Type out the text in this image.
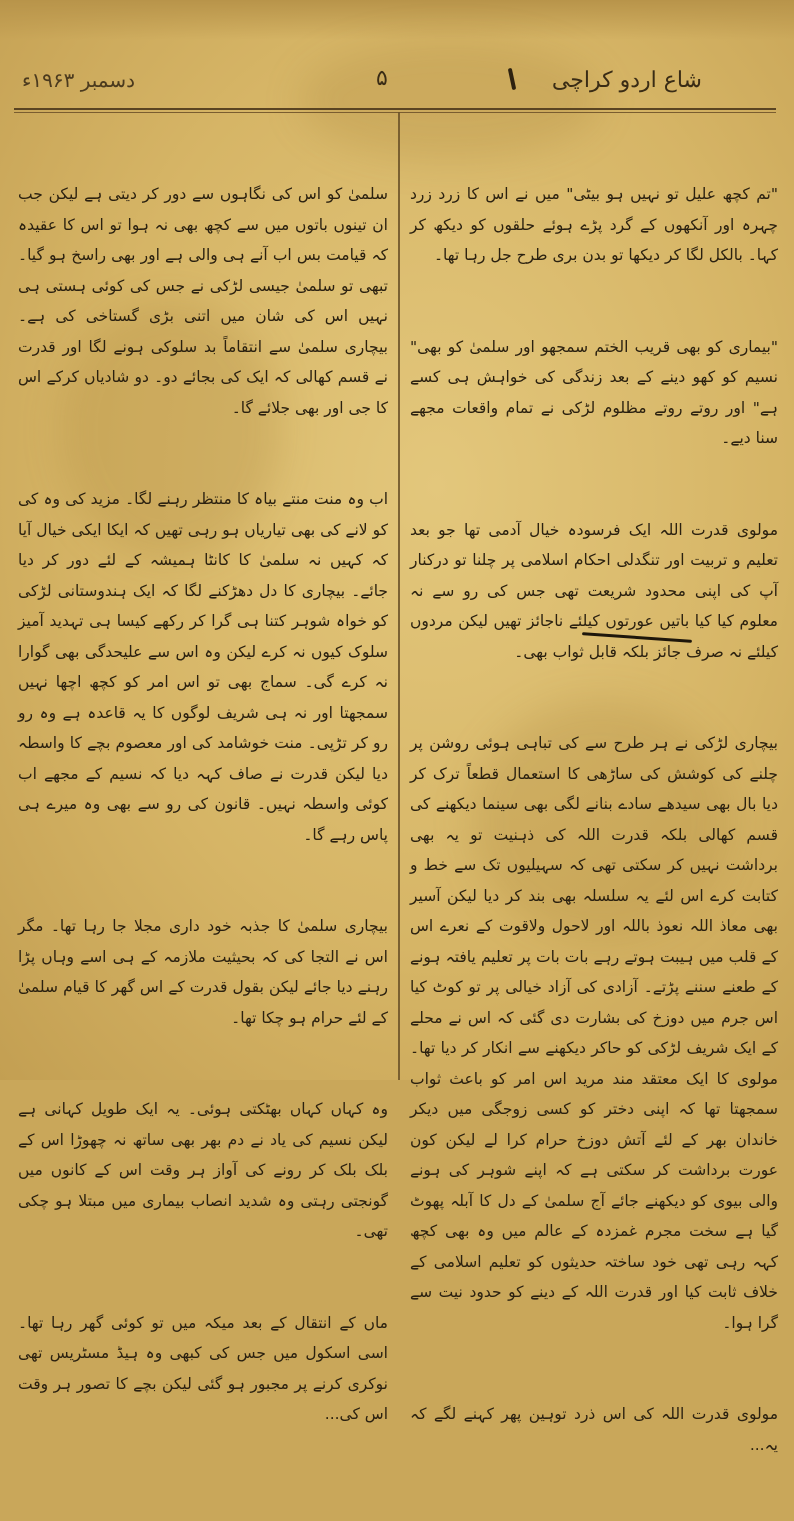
دسمبر ۱۹۶۳ء	۵	شاع اردو کراچی

"تم کچھ علیل تو نہیں ہو بیٹی" میں نے اس کا زرد زرد چہرہ اور آنکھوں کے گرد پڑے ہوئے حلقوں کو دیکھ کر کہا۔ بالکل لگا کر دیکھا تو بدن بری طرح جل رہا تھا۔

"بیماری کو بھی قریب الختم سمجھو اور سلمیٰ کو بھی" نسیم کو کھو دینے کے بعد زندگی کی خواہش ہی کسے ہے" اور روتے روتے مظلوم لڑکی نے تمام واقعات مجھے سنا دیے۔

مولوی قدرت اللہ ایک فرسودہ خیال آدمی تھا جو بعد تعلیم و تربیت اور تنگدلی احکام اسلامی پر چلنا تو درکنار آپ کی اپنی محدود شریعت تھی جس کی رو سے نہ معلوم کیا کیا باتیں عورتوں کیلئے ناجائز تھیں لیکن مردوں کیلئے نہ صرف جائز بلکہ قابل ثواب بھی۔

بیچاری لڑکی نے ہر طرح سے کی تباہی ہوئی روشن پر چلنے کی کوشش کی ساڑھی کا استعمال قطعاً ترک کر دیا بال بھی سیدھے سادے بنانے لگی بھی سینما دیکھنے کی قسم کھالی بلکہ قدرت اللہ کی ذہنیت تو یہ بھی برداشت نہیں کر سکتی تھی کہ سہیلیوں تک سے خط و کتابت کرے اس لئے یہ سلسلہ بھی بند کر دیا لیکن آسیر بھی معاذ اللہ نعوذ باللہ اور لاحول ولاقوت کے نعرے اس کے قلب میں ہیبت ہوتے رہے بات بات پر تعلیم یافتہ ہونے کے طعنے سننے پڑتے۔ آزادی کی آزاد خیالی پر تو کوٹ کیا اس جرم میں دوزخ کی بشارت دی گئی کہ اس نے محلے کے ایک شریف لڑکی کو حاکر دیکھنے سے انکار کر دیا تھا۔ مولوی کا ایک معتقد مند مرید اس امر کو باعث ثواب سمجھتا تھا کہ اپنی دختر کو کسی زوجگی میں دیکر خاندان بھر کے لئے آتش دوزخ حرام کرا لے لیکن کون عورت برداشت کر سکتی ہے کہ اپنے شوہر کی ہونے والی بیوی کو دیکھنے جائے آج سلمیٰ کے دل کا آبلہ پھوٹ گیا ہے سخت مجرم غمزدہ کے عالم میں وہ بھی کچھ کہہ رہی تھی خود ساختہ حدیثوں کو تعلیم اسلامی کے خلاف ثابت کیا اور قدرت اللہ کے دینے کو حدود نیت سے گرا ہوا۔

مولوی قدرت اللہ کی اس ذرد توہین پھر کہنے لگے کہ یہ...

سلمیٰ کو اس کی نگاہوں سے دور کر دیتی ہے لیکن جب ان تینوں باتوں میں سے کچھ بھی نہ ہوا تو اس کا عقیدہ کہ قیامت بس اب آنے ہی والی ہے اور بھی راسخ ہو گیا۔ تبھی تو سلمیٰ جیسی لڑکی نے جس کی کوئی ہستی ہی نہیں اس کی شان میں اتنی بڑی گستاخی کی ہے۔ بیچاری سلمیٰ سے انتقاماً بد سلوکی ہونے لگا اور قدرت نے قسم کھالی کہ ایک کی بجائے دو۔ دو شادیاں کرکے اس کا جی اور بھی جلائے گا۔

اب وہ منت منتے بیاہ کا منتظر رہنے لگا۔ مزید کی وہ کی کو لانے کی بھی تیاریاں ہو رہی تھیں کہ ایکا ایکی خیال آیا کہ کہیں نہ سلمیٰ کا کانٹا ہمیشہ کے لئے دور کر دیا جائے۔ بیچاری کا دل دھڑکنے لگا کہ ایک ہندوستانی لڑکی کو خواہ شوہر کتنا ہی گرا کر رکھے کیسا ہی تہدید آمیز سلوک کیوں نہ کرے لیکن وہ اس سے علیحدگی بھی گوارا نہ کرے گی۔ سماج بھی تو اس امر کو کچھ اچھا نہیں سمجھتا اور نہ ہی شریف لوگوں کا یہ قاعدہ ہے وہ رو رو کر تڑپی۔ منت خوشامد کی اور معصوم بچے کا واسطہ دیا لیکن قدرت نے صاف کہہ دیا کہ نسیم کے مجھے اب کوئی واسطہ نہیں۔ قانون کی رو سے بھی وہ میرے ہی پاس رہے گا۔

بیچاری سلمیٰ کا جذبہ خود داری مجلا جا رہا تھا۔ مگر اس نے التجا کی کہ بحیثیت ملازمہ کے ہی اسے وہاں پڑا رہنے دیا جائے لیکن بقول قدرت کے اس گھر کا قیام سلمیٰ کے لئے حرام ہو چکا تھا۔

وہ کہاں کہاں بھٹکتی ہوئی۔ یہ ایک طویل کہانی ہے لیکن نسیم کی یاد نے دم بھر بھی ساتھ نہ چھوڑا اس کے بلک بلک کر رونے کی آواز ہر وقت اس کے کانوں میں گونجتی رہتی وہ شدید انصاب بیماری میں مبتلا ہو چکی تھی۔

ماں کے انتقال کے بعد میکہ میں تو کوئی گھر رہا تھا۔ اسی اسکول میں جس کی کبھی وہ ہیڈ مسٹریس تھی نوکری کرنے پر مجبور ہو گئی لیکن بچے کا تصور ہر وقت اس کی...
